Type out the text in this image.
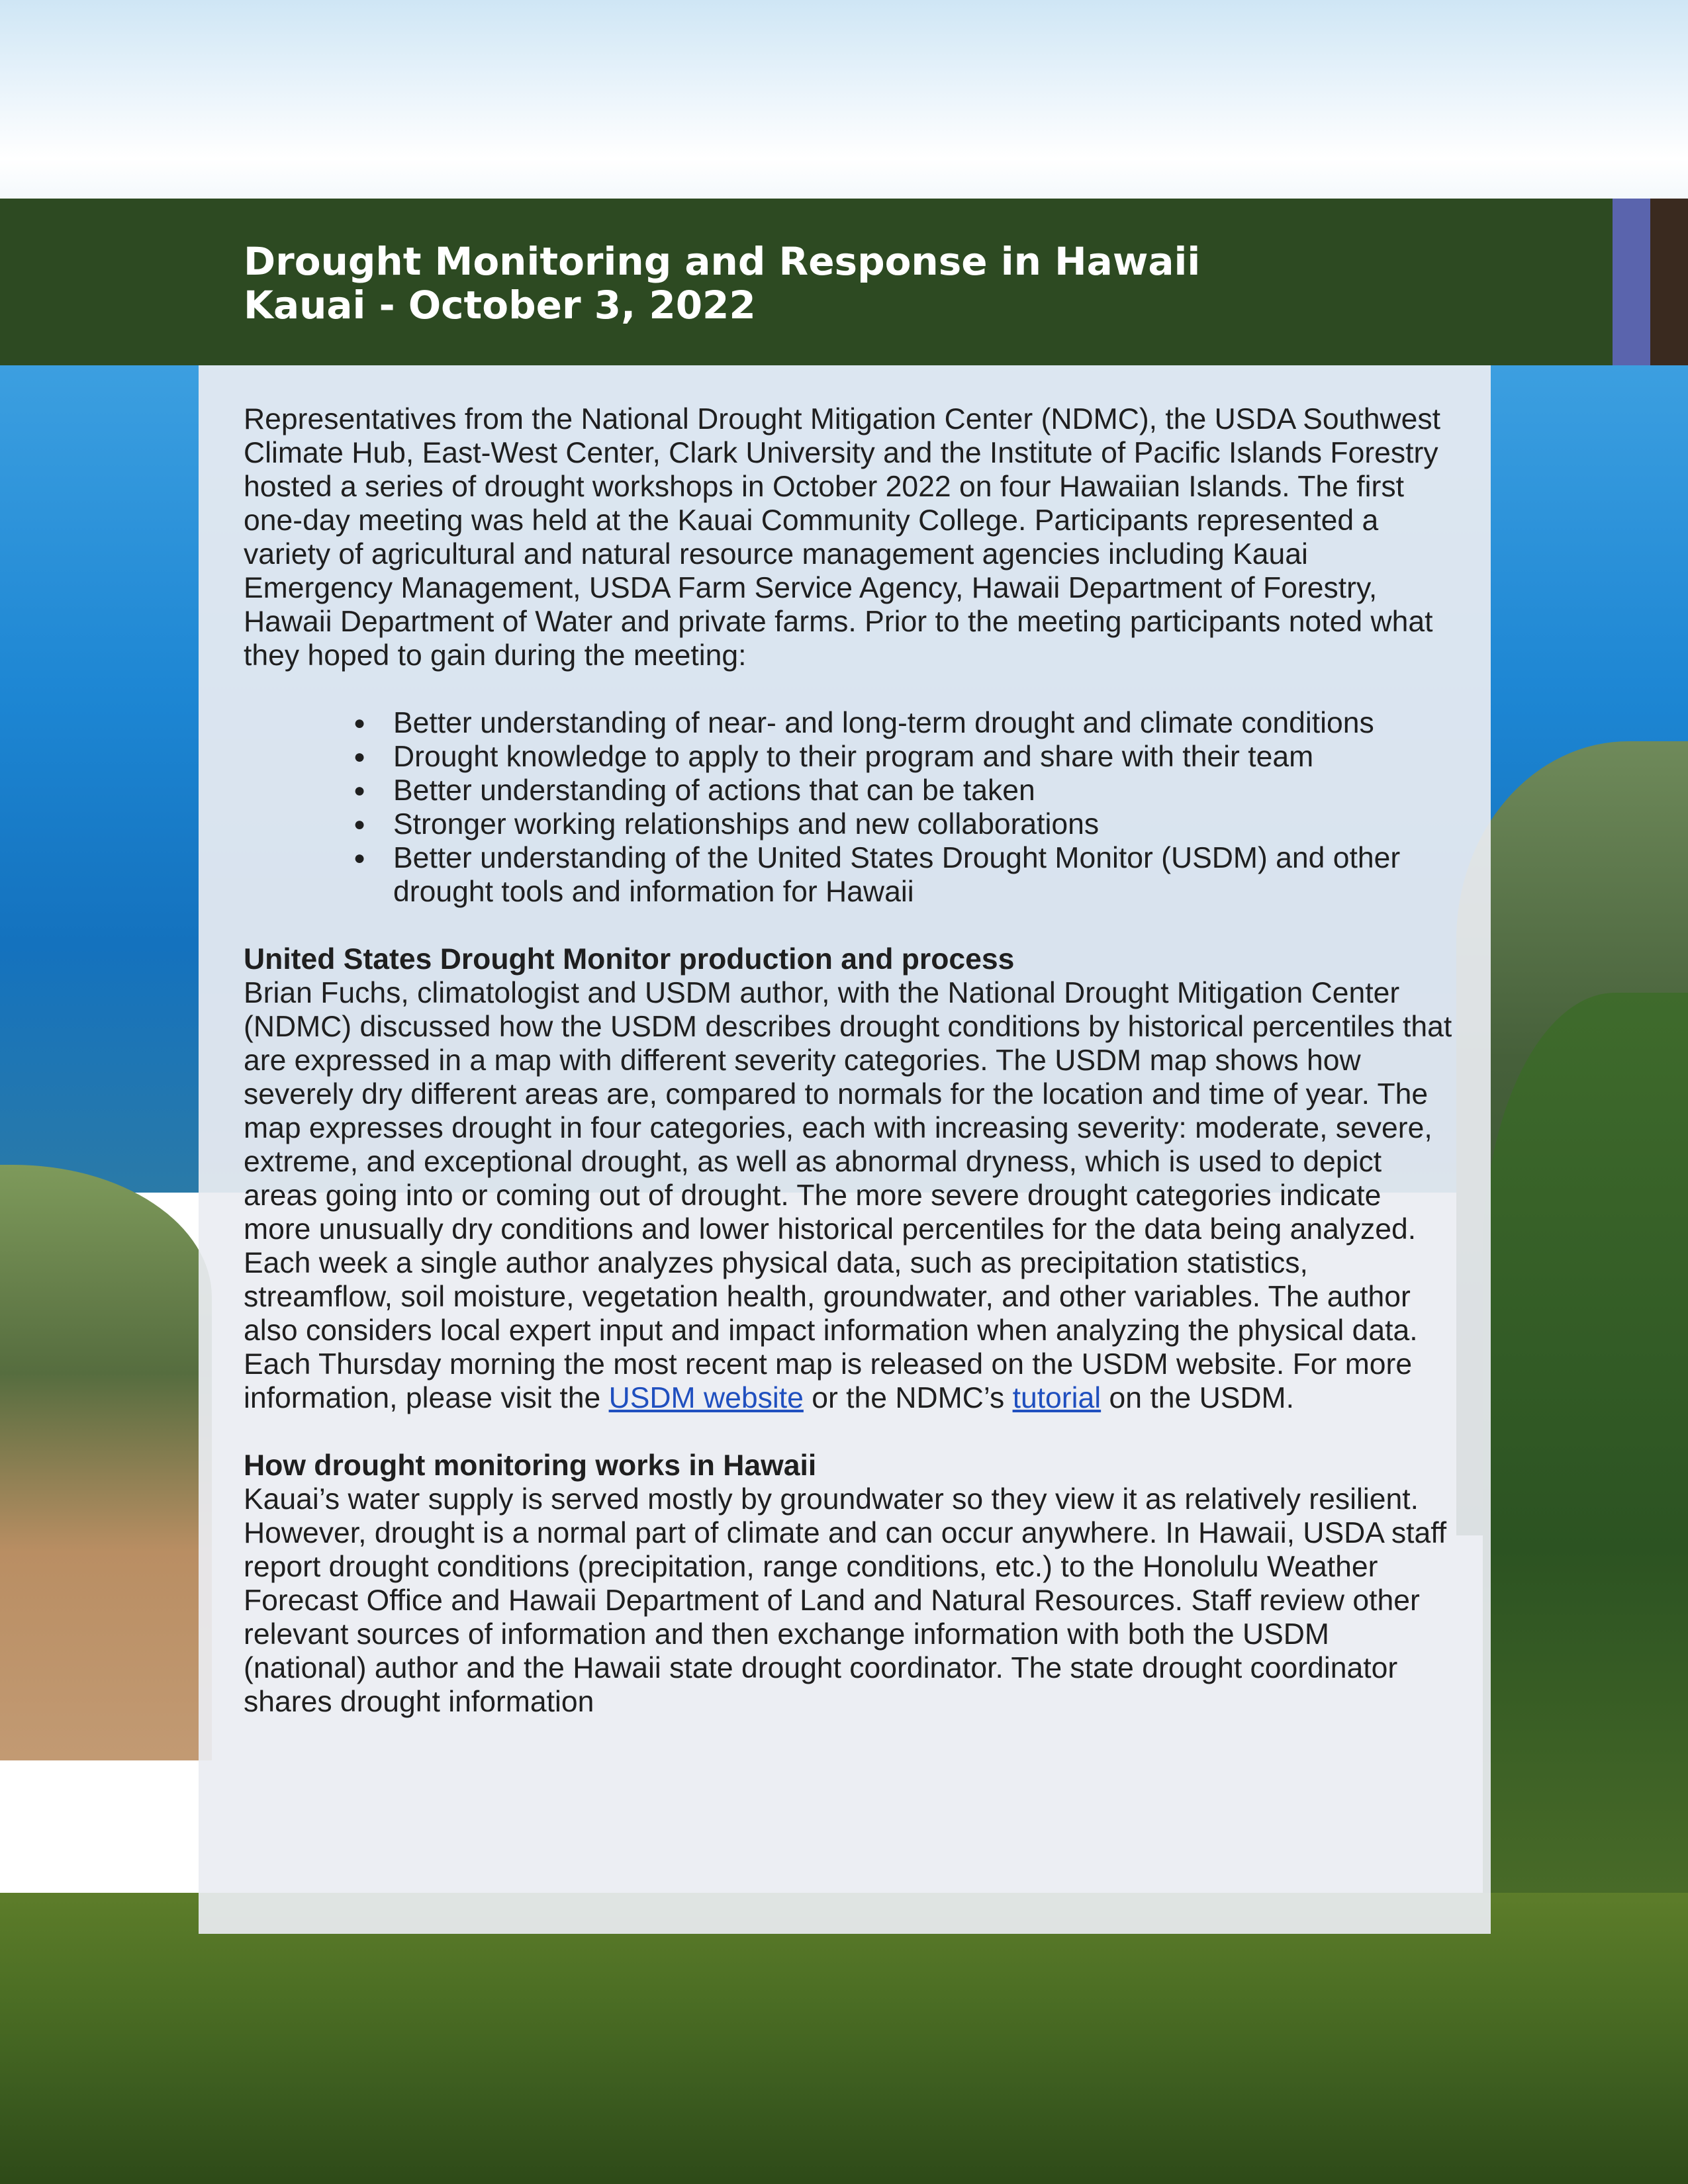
Drought Monitoring and Response in Hawaii
Kauai - October 3, 2022

Representatives from the National Drought Mitigation Center (NDMC), the USDA Southwest Climate Hub, East-West Center, Clark University and the Institute of Pacific Islands Forestry hosted a series of drought workshops in October 2022 on four Hawaiian Islands. The first one-day meeting was held at the Kauai Community College. Participants represented a variety of agricultural and natural resource management agencies including Kauai Emergency Management, USDA Farm Service Agency, Hawaii Department of Forestry, Hawaii Department of Water and private farms. Prior to the meeting participants noted what they hoped to gain during the meeting:

● Better understanding of near- and long-term drought and climate conditions
● Drought knowledge to apply to their program and share with their team
● Better understanding of actions that can be taken
● Stronger working relationships and new collaborations
● Better understanding of the United States Drought Monitor (USDM) and other drought tools and information for Hawaii

United States Drought Monitor production and process

Brian Fuchs, climatologist and USDM author, with the National Drought Mitigation Center (NDMC) discussed how the USDM describes drought conditions by historical percentiles that are expressed in a map with different severity categories. The USDM map shows how severely dry different areas are, compared to normals for the location and time of year. The map expresses drought in four categories, each with increasing severity: moderate, severe, extreme, and exceptional drought, as well as abnormal dryness, which is used to depict areas going into or coming out of drought. The more severe drought categories indicate more unusually dry conditions and lower historical percentiles for the data being analyzed. Each week a single author analyzes physical data, such as precipitation statistics, streamflow, soil moisture, vegetation health, groundwater, and other variables. The author also considers local expert input and impact information when analyzing the physical data. Each Thursday morning the most recent map is released on the USDM website. For more information, please visit the USDM website or the NDMC’s tutorial on the USDM.

How drought monitoring works in Hawaii

Kauai’s water supply is served mostly by groundwater so they view it as relatively resilient. However, drought is a normal part of climate and can occur anywhere. In Hawaii, USDA staff report drought conditions (precipitation, range conditions, etc.) to the Honolulu Weather Forecast Office and Hawaii Department of Land and Natural Resources. Staff review other relevant sources of information and then exchange information with both the USDM (national) author and the Hawaii state drought coordinator. The state drought coordinator shares drought information
